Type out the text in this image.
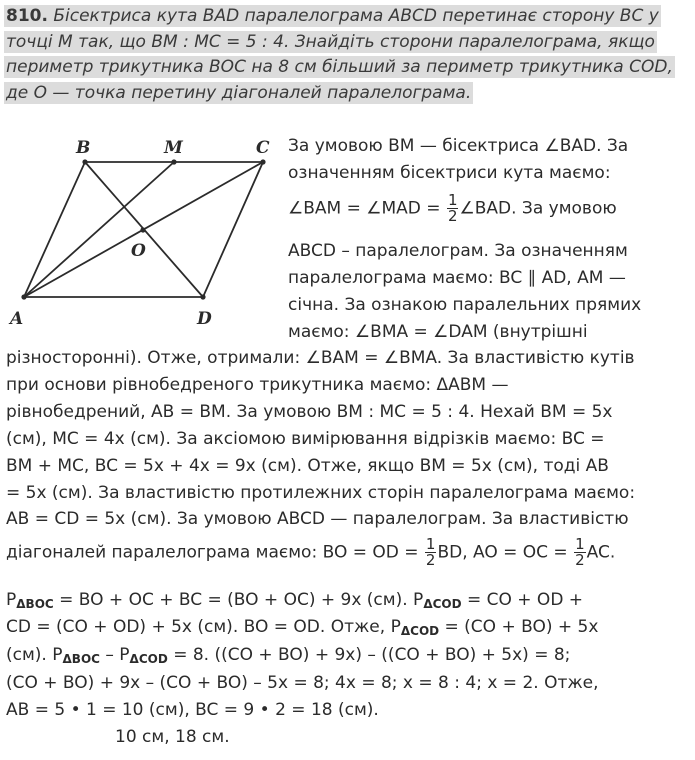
810. Бісектриса кута BAD паралелограма ABCD перетинає сторону BC у точці M так, що BM : MC = 5 : 4. Знайдіть сторони паралелограма, якщо периметр трикутника BOC на 8 см більший за периметр трикутника COD, де O — точка перетину діагоналей паралелограма.
A
B	C
D
M
O
За умовою BM — бісектриса ∠BAD. За
означенням бісектриси кута маємо:
∠BAM = ∠MAD = $\frac{1}{2}$ ∠BAD. За умовою
ABCD – паралелограм. За означенням
паралелограма маємо: BC ∥ AD, AM —
січна. За ознакою паралельних прямих
маємо: ∠BMA = ∠DAM (внутрішні
різносторонні). Отже, отримали: ∠BAM = ∠BMA. За властивістю кутів
при основи рівнобедреного трикутника маємо: ΔABM —
рівнобедрений, AB = BM. За умовою BM : MC = 5 : 4. Нехай BM = 5x
(см), MC = 4x (см). За аксіомою вимірювання відрізків маємо: BC =
BM + MC, BC = 5x + 4x = 9x (см). Отже, якщо BM = 5x (см), тоді AB
= 5x (см). За властивістю протилежних сторін паралелограма маємо:
AB = CD = 5x (см). За умовою ABCD — паралелограм. За властивістю
діагоналей паралелограма маємо: BO = OD = $\frac{1}{2}$ BD, AO = OC = $\frac{1}{2}$ AC.
$P_{\Delta BOC}$ = BO + OC + BC = (BO + OC) + 9x (см). $P_{\Delta COD}$ = CO + OD +
CD = (CO + OD) + 5x (см). BO = OD. Отже, $P_{\Delta COD} = (CO + BO) + 5x$
(см). $P_{\Delta BOC} - P_{\Delta COD} = 8$. ((CO + BO) + 9x) – ((CO + BO) + 5x) = 8;
(CO + BO) + 9x – (CO + BO) – 5x = 8; 4x = 8; x = 8 : 4; x = 2. Отже,
AB = 5 • 1 = 10 (см), BC = 9 • 2 = 18 (см).
10 см, 18 см.
